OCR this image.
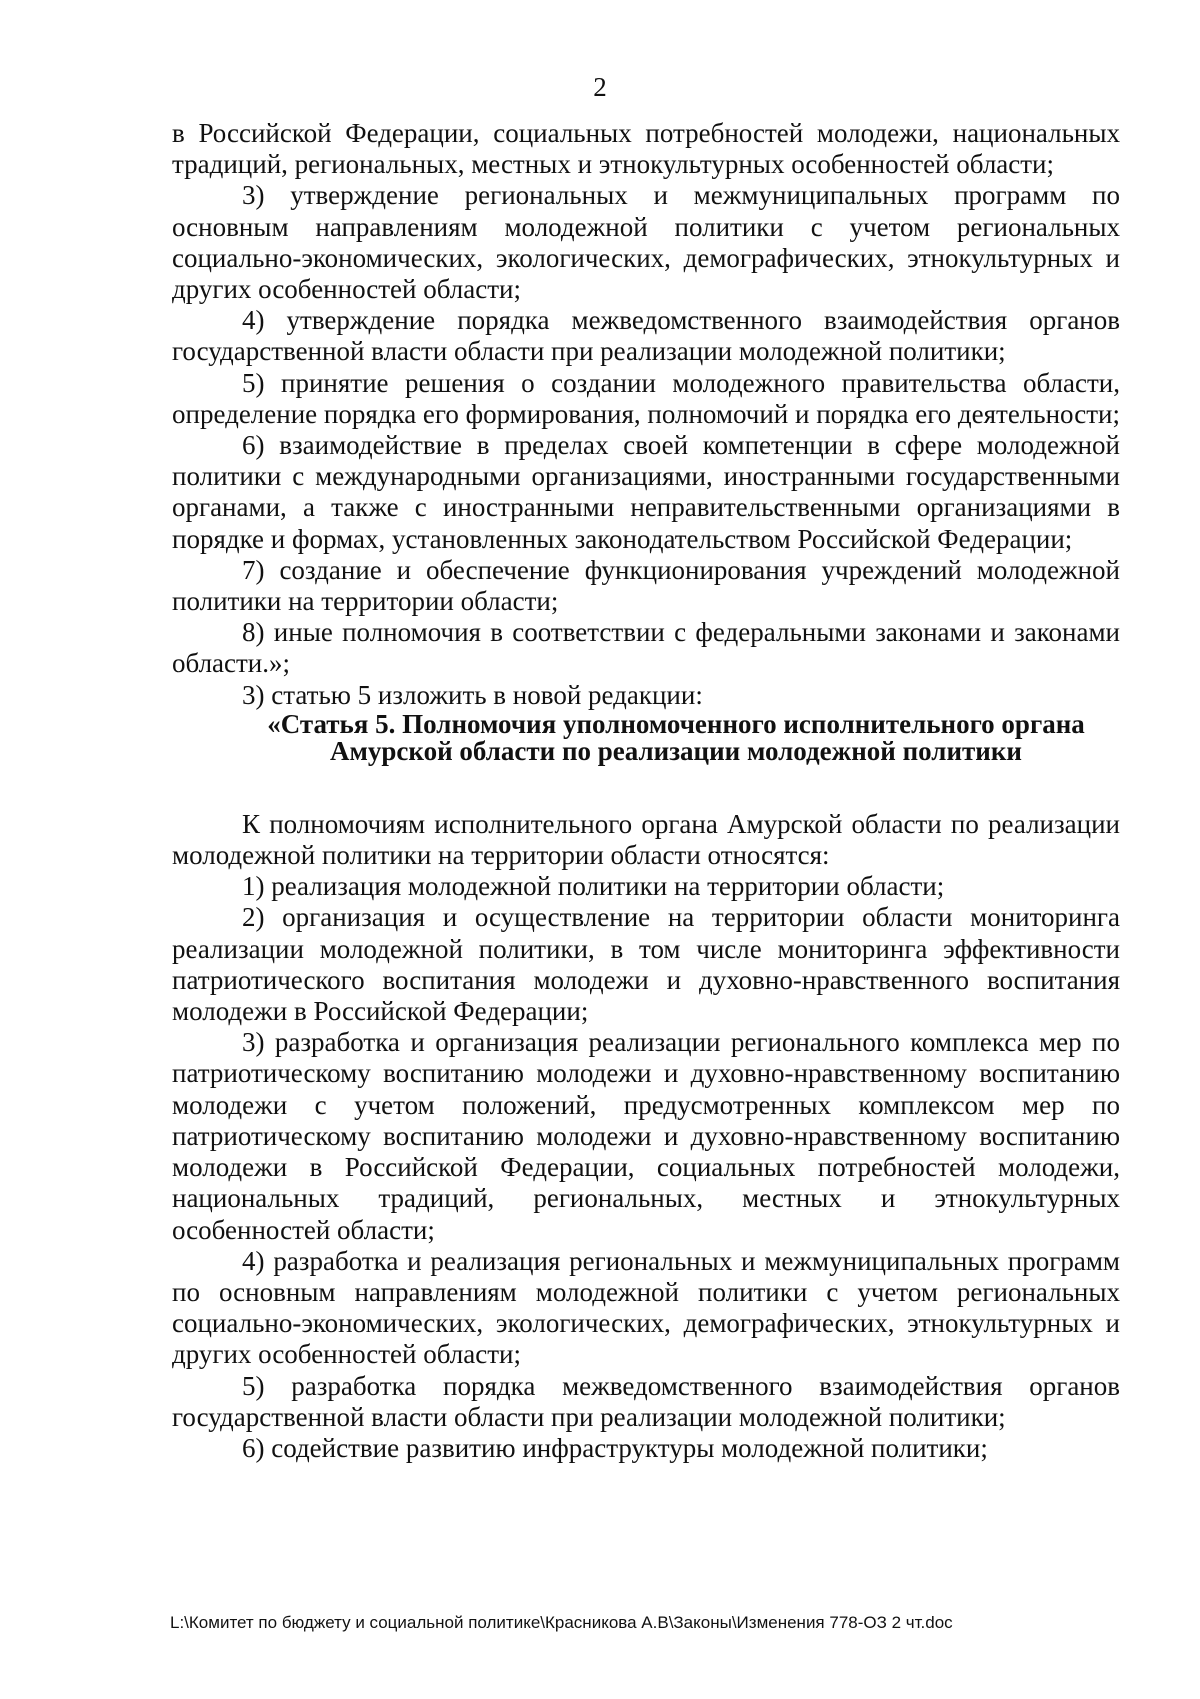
2

в Российской Федерации, социальных потребностей молодежи, национальных традиций, региональных, местных и этнокультурных особенностей области;

3) утверждение региональных и межмуниципальных программ по основным направлениям молодежной политики с учетом региональных социально-экономических, экологических, демографических, этнокультурных и других особенностей области;

4) утверждение порядка межведомственного взаимодействия органов государственной власти области при реализации молодежной политики;

5) принятие решения о создании молодежного правительства области, определение порядка его формирования, полномочий и порядка его деятельности;

6) взаимодействие в пределах своей компетенции в сфере молодежной политики с международными организациями, иностранными государственными органами, а также с иностранными неправительственными организациями в порядке и формах, установленных законодательством Российской Федерации;

7) создание и обеспечение функционирования учреждений молодежной политики на территории области;

8) иные полномочия в соответствии с федеральными законами и законами области.»;

3) статью 5 изложить в новой редакции:

«Статья 5. Полномочия уполномоченного исполнительного органа
Амурской области по реализации молодежной политики

К полномочиям исполнительного органа Амурской области по реализации молодежной политики на территории области относятся:

1) реализация молодежной политики на территории области;

2) организация и осуществление на территории области мониторинга реализации молодежной политики, в том числе мониторинга эффективности патриотического воспитания молодежи и духовно-нравственного воспитания молодежи в Российской Федерации;

3) разработка и организация реализации регионального комплекса мер по патриотическому воспитанию молодежи и духовно-нравственному воспитанию молодежи с учетом положений, предусмотренных комплексом мер по патриотическому воспитанию молодежи и духовно-нравственному воспитанию молодежи в Российской Федерации, социальных потребностей молодежи, национальных традиций, региональных, местных и этнокультурных особенностей области;

4) разработка и реализация региональных и межмуниципальных программ по основным направлениям молодежной политики с учетом региональных социально-экономических, экологических, демографических, этнокультурных и других особенностей области;

5) разработка порядка межведомственного взаимодействия органов государственной власти области при реализации молодежной политики;

6) содействие развитию инфраструктуры молодежной политики;

L:\Комитет по бюджету и социальной политике\Красникова А.В\Законы\Изменения 778-ОЗ 2 чт.doc
